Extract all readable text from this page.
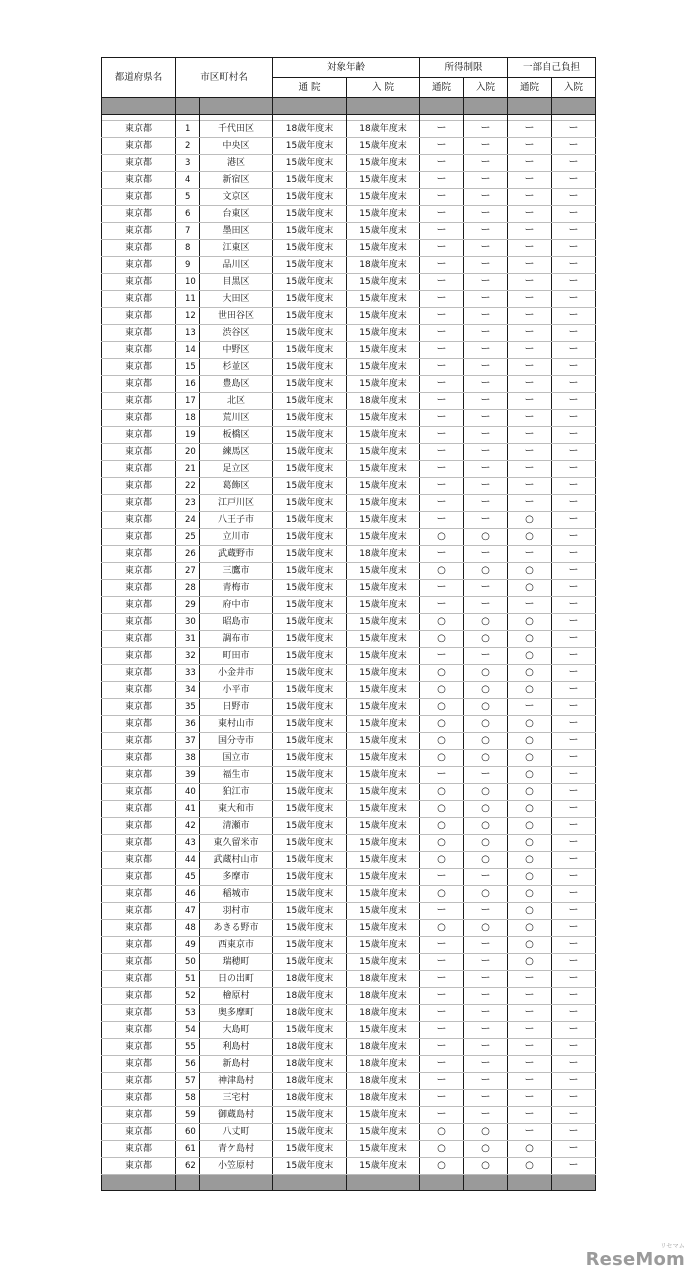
都道府県名	市区町村名		対象年齢		所得制限		一部自己負担	
			通 院	入 院	通院	入院	通院	入院

東京都	1	千代田区	18歳年度末	18歳年度末	ー	ー	ー	ー
東京都	2	中央区	15歳年度末	15歳年度末	ー	ー	ー	ー
東京都	3	港区	15歳年度末	15歳年度末	ー	ー	ー	ー
東京都	4	新宿区	15歳年度末	15歳年度末	ー	ー	ー	ー
東京都	5	文京区	15歳年度末	15歳年度末	ー	ー	ー	ー
東京都	6	台東区	15歳年度末	15歳年度末	ー	ー	ー	ー
東京都	7	墨田区	15歳年度末	15歳年度末	ー	ー	ー	ー
東京都	8	江東区	15歳年度末	15歳年度末	ー	ー	ー	ー
東京都	9	品川区	15歳年度末	18歳年度末	ー	ー	ー	ー
東京都	10	目黒区	15歳年度末	15歳年度末	ー	ー	ー	ー
東京都	11	大田区	15歳年度末	15歳年度末	ー	ー	ー	ー
東京都	12	世田谷区	15歳年度末	15歳年度末	ー	ー	ー	ー
東京都	13	渋谷区	15歳年度末	15歳年度末	ー	ー	ー	ー
東京都	14	中野区	15歳年度末	15歳年度末	ー	ー	ー	ー
東京都	15	杉並区	15歳年度末	15歳年度末	ー	ー	ー	ー
東京都	16	豊島区	15歳年度末	15歳年度末	ー	ー	ー	ー
東京都	17	北区	15歳年度末	18歳年度末	ー	ー	ー	ー
東京都	18	荒川区	15歳年度末	15歳年度末	ー	ー	ー	ー
東京都	19	板橋区	15歳年度末	15歳年度末	ー	ー	ー	ー
東京都	20	練馬区	15歳年度末	15歳年度末	ー	ー	ー	ー
東京都	21	足立区	15歳年度末	15歳年度末	ー	ー	ー	ー
東京都	22	葛飾区	15歳年度末	15歳年度末	ー	ー	ー	ー
東京都	23	江戸川区	15歳年度末	15歳年度末	ー	ー	ー	ー
東京都	24	八王子市	15歳年度末	15歳年度末	ー	ー	○	ー
東京都	25	立川市	15歳年度末	15歳年度末	○	○	○	ー
東京都	26	武蔵野市	15歳年度末	18歳年度末	ー	ー	ー	ー
東京都	27	三鷹市	15歳年度末	15歳年度末	○	○	○	ー
東京都	28	青梅市	15歳年度末	15歳年度末	ー	ー	○	ー
東京都	29	府中市	15歳年度末	15歳年度末	ー	ー	ー	ー
東京都	30	昭島市	15歳年度末	15歳年度末	○	○	○	ー
東京都	31	調布市	15歳年度末	15歳年度末	○	○	○	ー
東京都	32	町田市	15歳年度末	15歳年度末	ー	ー	○	ー
東京都	33	小金井市	15歳年度末	15歳年度末	○	○	○	ー
東京都	34	小平市	15歳年度末	15歳年度末	○	○	○	ー
東京都	35	日野市	15歳年度末	15歳年度末	○	○	ー	ー
東京都	36	東村山市	15歳年度末	15歳年度末	○	○	○	ー
東京都	37	国分寺市	15歳年度末	15歳年度末	○	○	○	ー
東京都	38	国立市	15歳年度末	15歳年度末	○	○	○	ー
東京都	39	福生市	15歳年度末	15歳年度末	ー	ー	○	ー
東京都	40	狛江市	15歳年度末	15歳年度末	○	○	○	ー
東京都	41	東大和市	15歳年度末	15歳年度末	○	○	○	ー
東京都	42	清瀬市	15歳年度末	15歳年度末	○	○	○	ー
東京都	43	東久留米市	15歳年度末	15歳年度末	○	○	○	ー
東京都	44	武蔵村山市	15歳年度末	15歳年度末	○	○	○	ー
東京都	45	多摩市	15歳年度末	15歳年度末	ー	ー	○	ー
東京都	46	稲城市	15歳年度末	15歳年度末	○	○	○	ー
東京都	47	羽村市	15歳年度末	15歳年度末	ー	ー	○	ー
東京都	48	あきる野市	15歳年度末	15歳年度末	○	○	○	ー
東京都	49	西東京市	15歳年度末	15歳年度末	ー	ー	○	ー
東京都	50	瑞穂町	15歳年度末	15歳年度末	ー	ー	○	ー
東京都	51	日の出町	18歳年度末	18歳年度末	ー	ー	ー	ー
東京都	52	檜原村	18歳年度末	18歳年度末	ー	ー	ー	ー
東京都	53	奥多摩町	18歳年度末	18歳年度末	ー	ー	ー	ー
東京都	54	大島町	15歳年度末	15歳年度末	ー	ー	ー	ー
東京都	55	利島村	18歳年度末	18歳年度末	ー	ー	ー	ー
東京都	56	新島村	18歳年度末	18歳年度末	ー	ー	ー	ー
東京都	57	神津島村	18歳年度末	18歳年度末	ー	ー	ー	ー
東京都	58	三宅村	18歳年度末	18歳年度末	ー	ー	ー	ー
東京都	59	御蔵島村	15歳年度末	15歳年度末	ー	ー	ー	ー
東京都	60	八丈町	15歳年度末	15歳年度末	○	○	ー	ー
東京都	61	青ケ島村	15歳年度末	15歳年度末	○	○	○	ー
東京都	62	小笠原村	15歳年度末	15歳年度末	○	○	○	ー

リセマム
ReseMom
